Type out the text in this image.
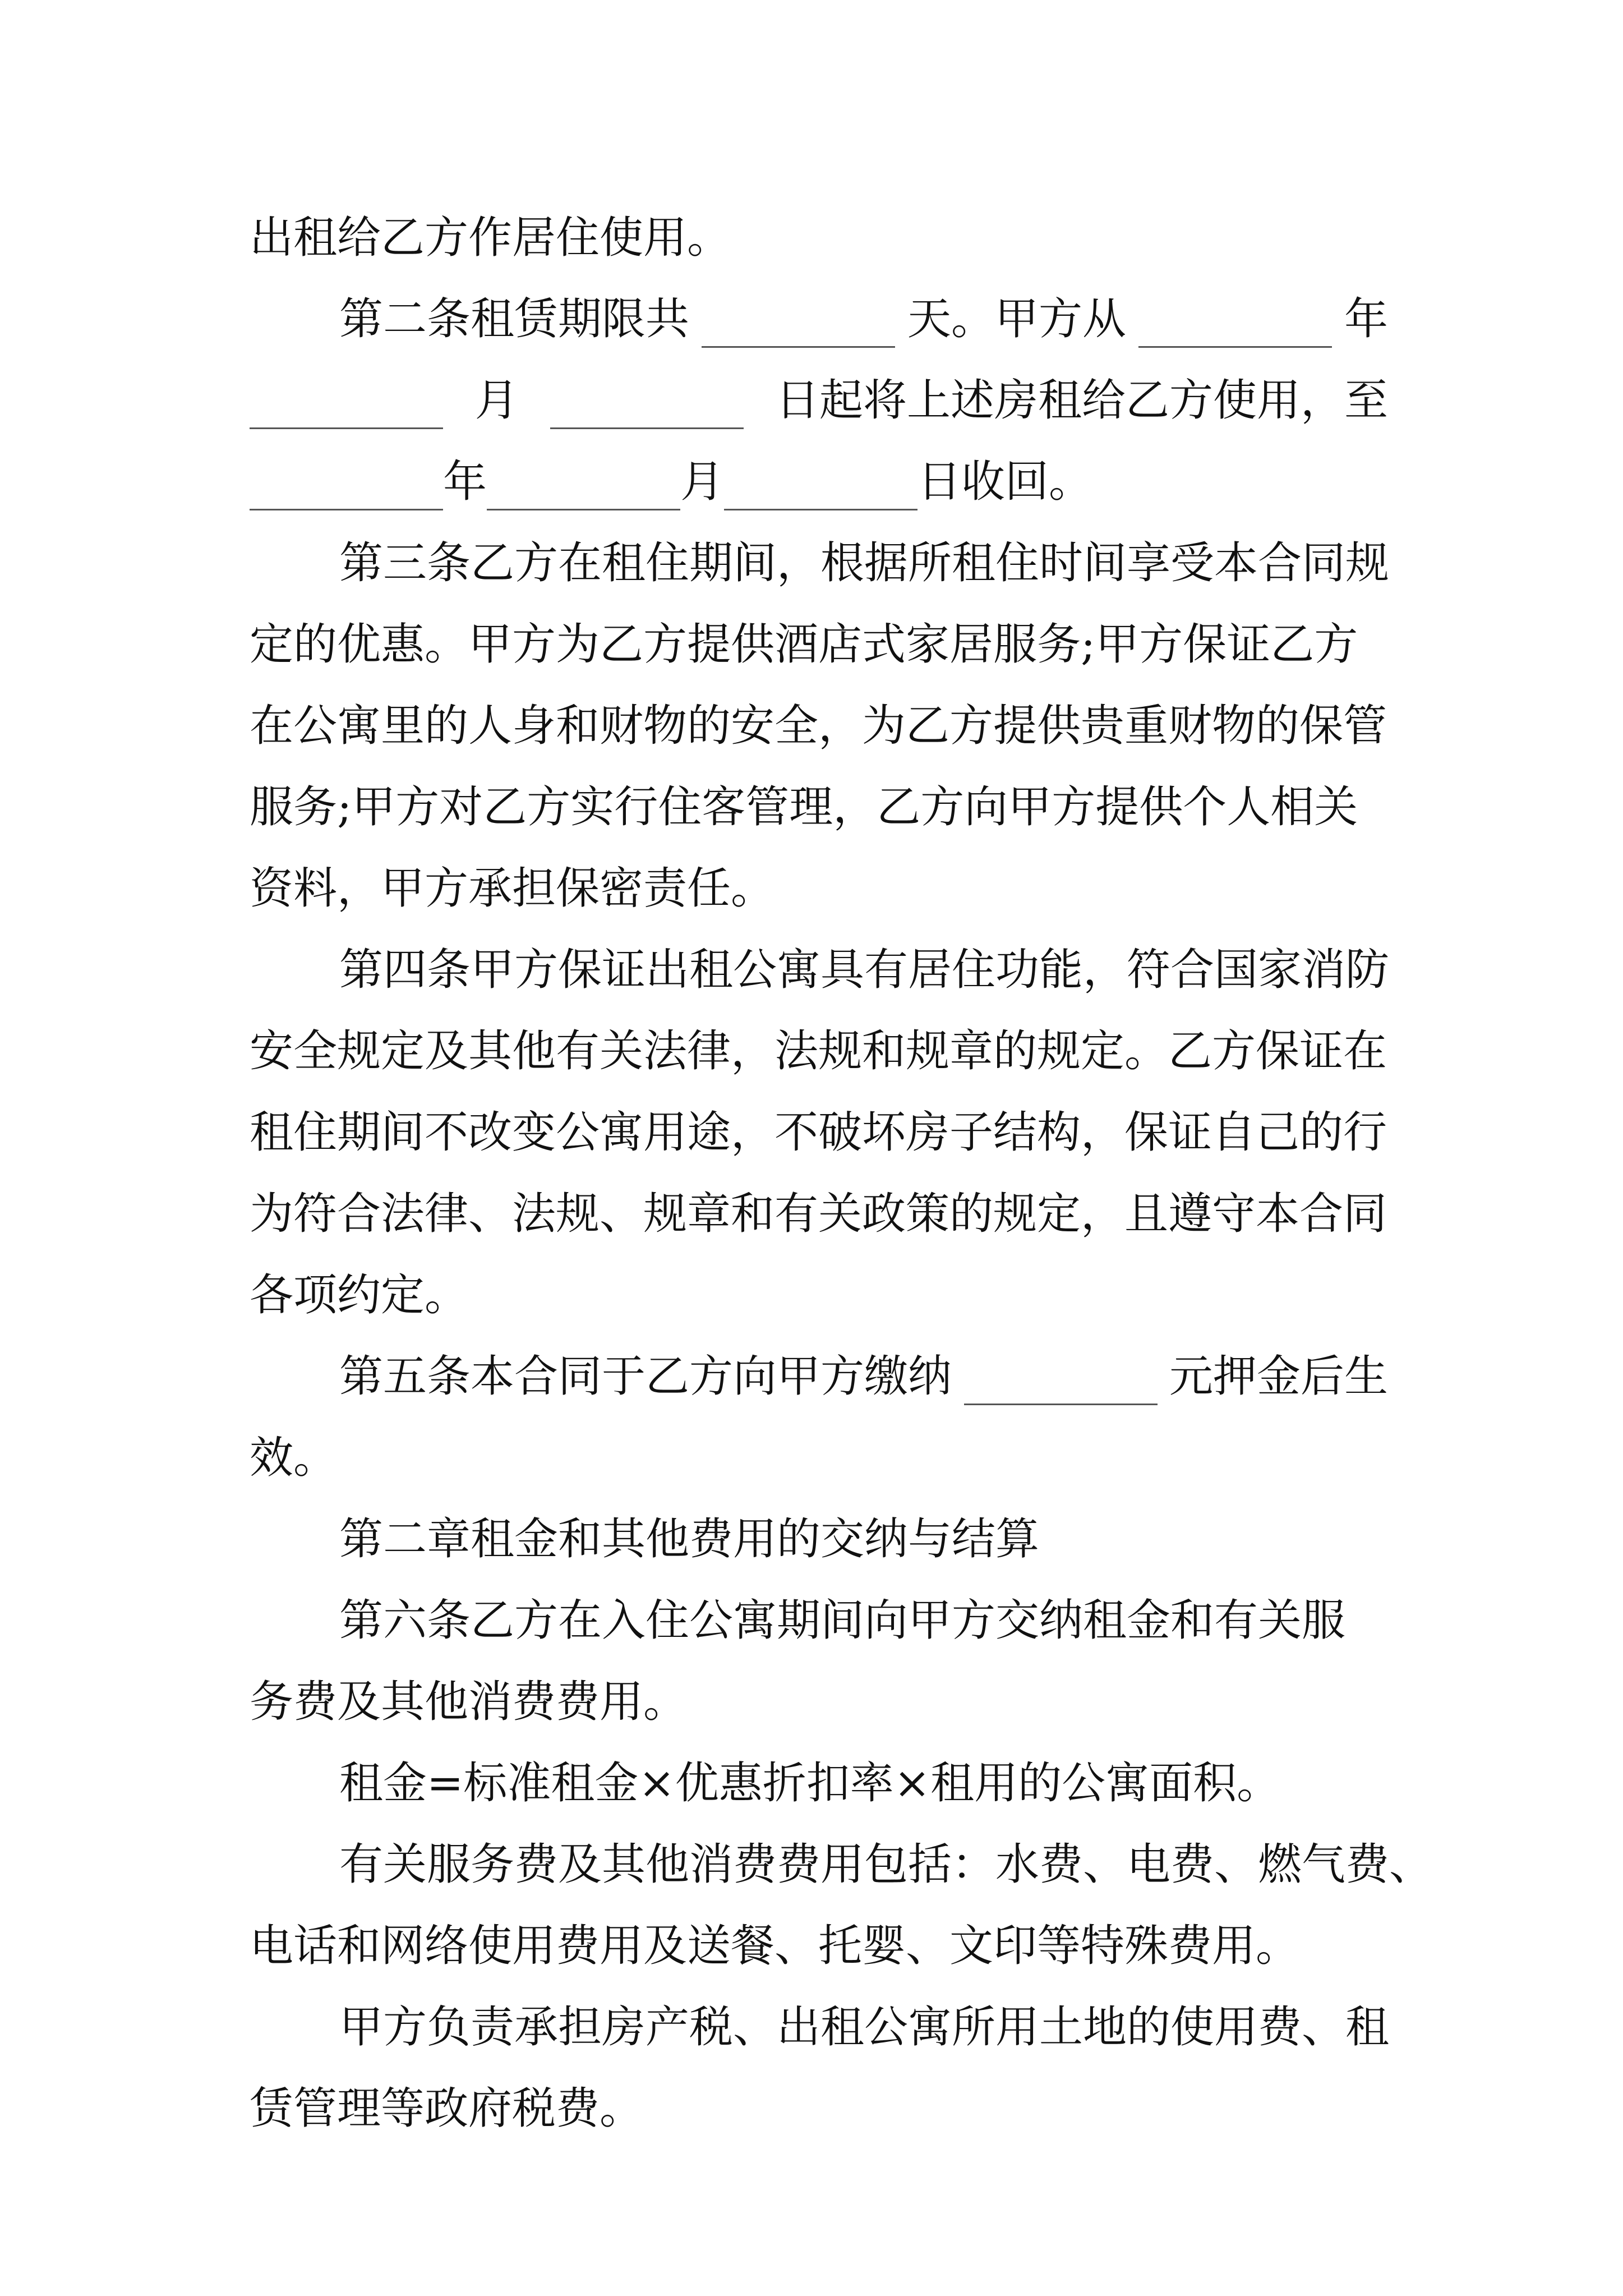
出租给乙方作居住使用。
第二条租赁期限共	天。甲方从	年
月	日起将上述房租给乙方使用，至
年	月	日收回。
第三条乙方在租住期间，根据所租住时间享受本合同规
定的优惠。甲方为乙方提供酒店式家居服务;甲方保证乙方
在公寓里的人身和财物的安全，为乙方提供贵重财物的保管
服务;甲方对乙方实行住客管理，乙方向甲方提供个人相关
资料，甲方承担保密责任。
第四条甲方保证出租公寓具有居住功能，符合国家消防
安全规定及其他有关法律，法规和规章的规定。乙方保证在
租住期间不改变公寓用途，不破坏房子结构，保证自己的行
为符合法律、法规、规章和有关政策的规定，且遵守本合同
各项约定。
第五条本合同于乙方向甲方缴纳	元押金后生
效。
第二章租金和其他费用的交纳与结算
第六条乙方在入住公寓期间向甲方交纳租金和有关服
务费及其他消费费用。
租金=标准租金×优惠折扣率×租用的公寓面积。
有关服务费及其他消费费用包括：水费、电费、燃气费、
电话和网络使用费用及送餐、托婴、文印等特殊费用。
甲方负责承担房产税、出租公寓所用土地的使用费、租
赁管理等政府税费。
